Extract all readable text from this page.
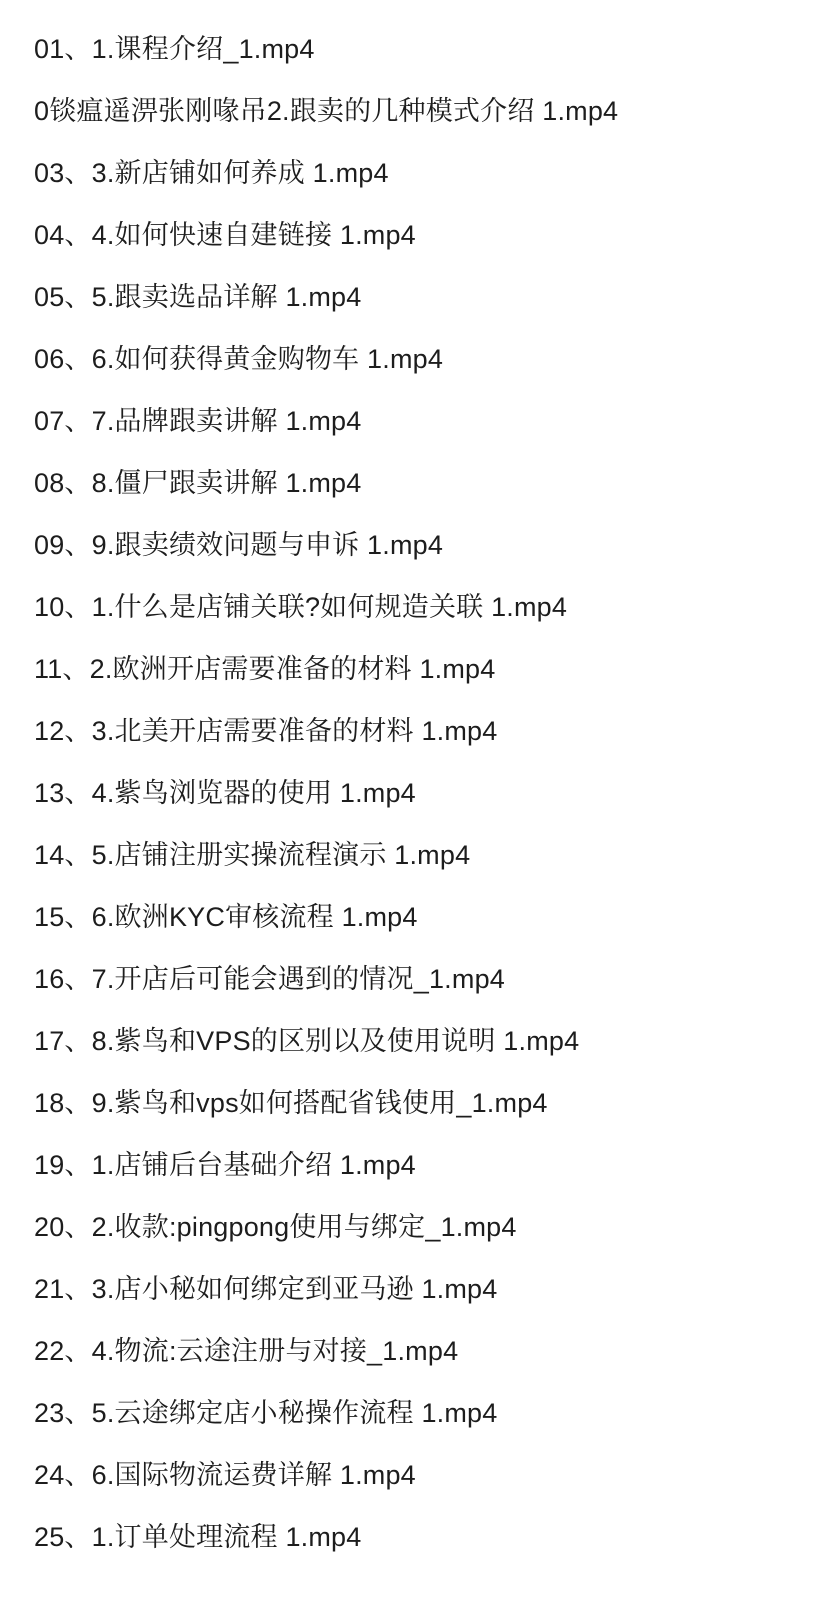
01、1.课程介绍_1.mp4
0锬瘟遥淠张刚喙吊2.跟卖的几种模式介绍 1.mp4
03、3.新店铺如何养成 1.mp4
04、4.如何快速自建链接 1.mp4
05、5.跟卖选品详解 1.mp4
06、6.如何获得黄金购物车 1.mp4
07、7.品牌跟卖讲解 1.mp4
08、8.僵尸跟卖讲解 1.mp4
09、9.跟卖绩效问题与申诉 1.mp4
10、1.什么是店铺关联?如何规造关联 1.mp4
11、2.欧洲开店需要准备的材料 1.mp4
12、3.北美开店需要准备的材料 1.mp4
13、4.紫鸟浏览器的使用 1.mp4
14、5.店铺注册实操流程演示 1.mp4
15、6.欧洲KYC审核流程 1.mp4
16、7.开店后可能会遇到的情况_1.mp4
17、8.紫鸟和VPS的区别以及使用说明 1.mp4
18、9.紫鸟和vps如何搭配省钱使用_1.mp4
19、1.店铺后台基础介绍 1.mp4
20、2.收款:pingpong使用与绑定_1.mp4
21、3.店小秘如何绑定到亚马逊 1.mp4
22、4.物流:云途注册与对接_1.mp4
23、5.云途绑定店小秘操作流程 1.mp4
24、6.国际物流运费详解 1.mp4
25、1.订单处理流程 1.mp4
